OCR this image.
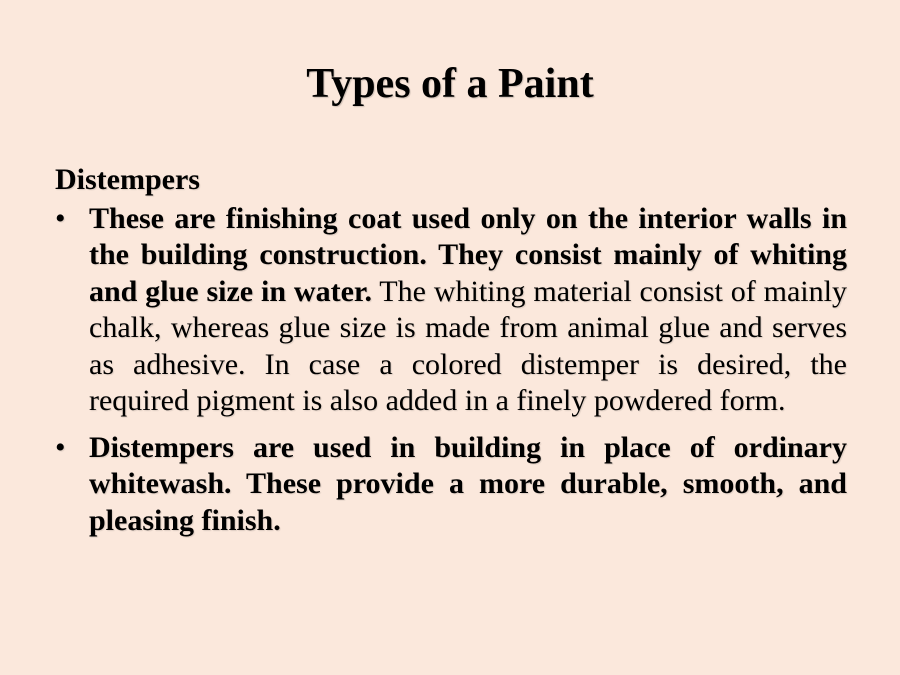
Types of a Paint
Distempers
• These are finishing coat used only on the interior walls in the building construction. They consist mainly of whiting and glue size in water. The whiting material consist of mainly chalk, whereas glue size is made from animal glue and serves as adhesive. In case a colored distemper is desired, the required pigment is also added in a finely powdered form.
• Distempers are used in building in place of ordinary whitewash. These provide a more durable, smooth, and pleasing finish.
